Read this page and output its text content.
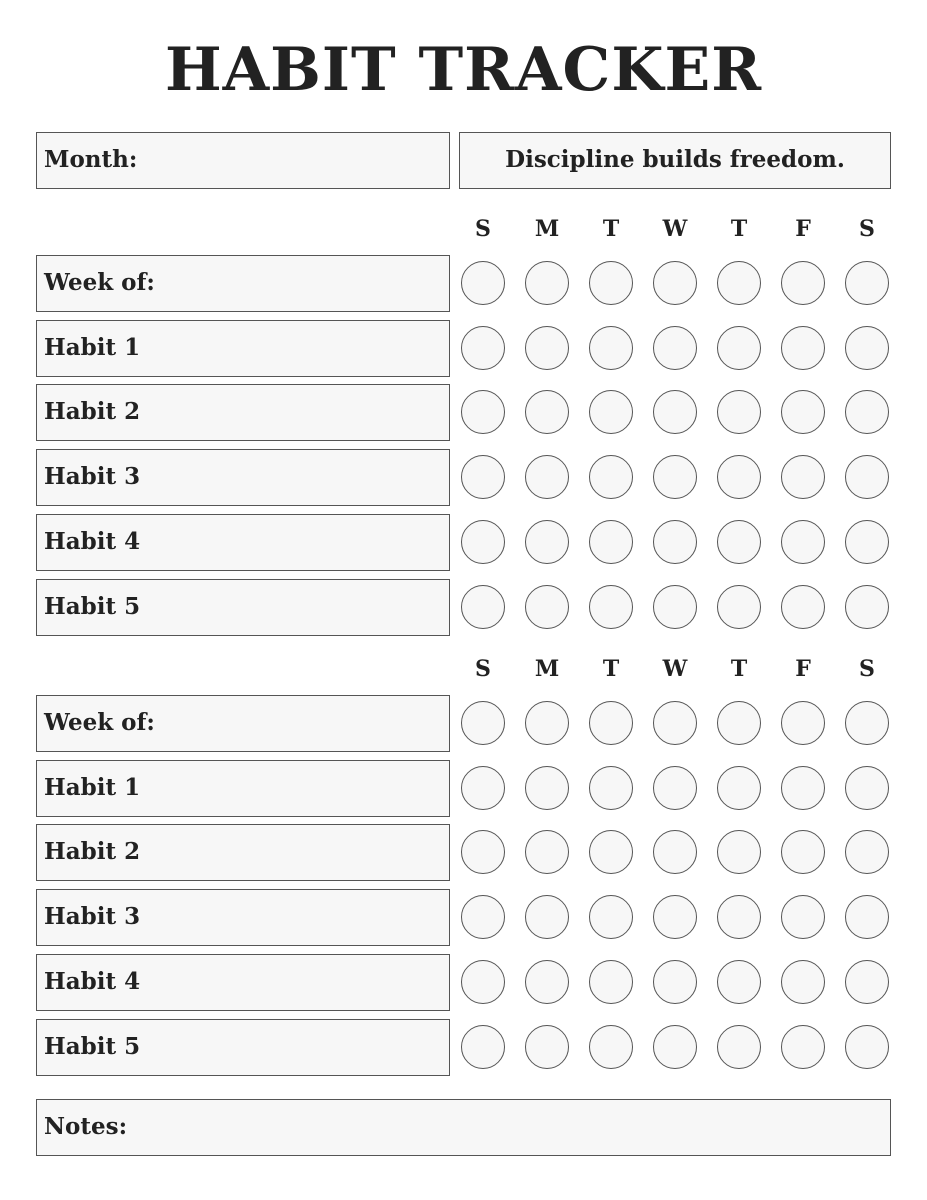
HABIT TRACKER
Month:	Discipline builds freedom.
S	M	T	W	T	F	S
Week of:
Habit 1
Habit 2
Habit 3
Habit 4
Habit 5
S	M	T	W	T	F	S
Week of:
Habit 1
Habit 2
Habit 3
Habit 4
Habit 5
Notes:
